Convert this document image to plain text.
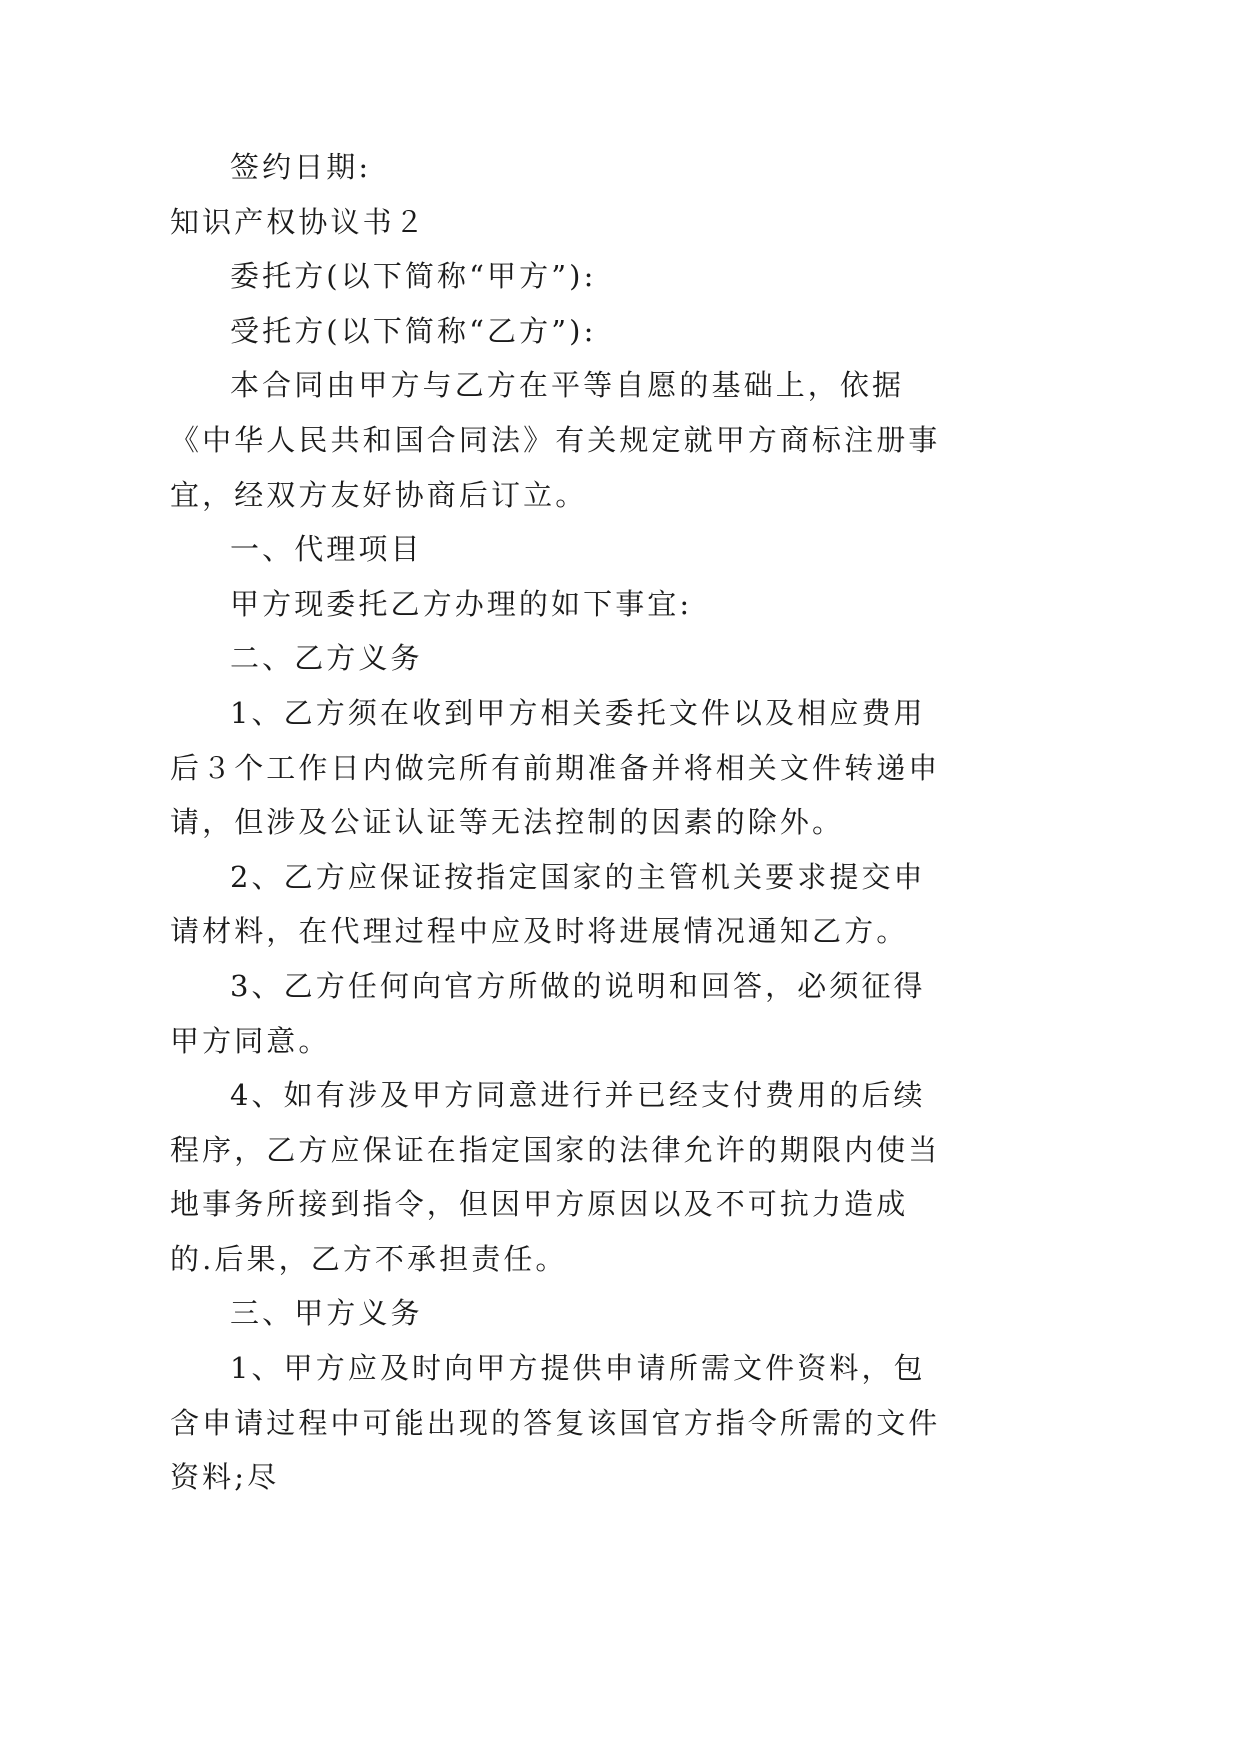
签约日期:

知识产权协议书２

委托方(以下简称“甲方”):

受托方(以下简称“乙方”):

本合同由甲方与乙方在平等自愿的基础上，依据《中华人民共和国合同法》有关规定就甲方商标注册事宜，经双方友好协商后订立。

一、代理项目

甲方现委托乙方办理的如下事宜:

二、乙方义务

1、乙方须在收到甲方相关委托文件以及相应费用后３个工作日内做完所有前期准备并将相关文件转递申请，但涉及公证认证等无法控制的因素的除外。

2、乙方应保证按指定国家的主管机关要求提交申请材料，在代理过程中应及时将进展情况通知乙方。

3、乙方任何向官方所做的说明和回答，必须征得甲方同意。

4、如有涉及甲方同意进行并已经支付费用的后续程序，乙方应保证在指定国家的法律允许的期限内使当地事务所接到指令，但因甲方原因以及不可抗力造成的.后果，乙方不承担责任。

三、甲方义务

1、甲方应及时向甲方提供申请所需文件资料，包含申请过程中可能出现的答复该国官方指令所需的文件资料;尽
